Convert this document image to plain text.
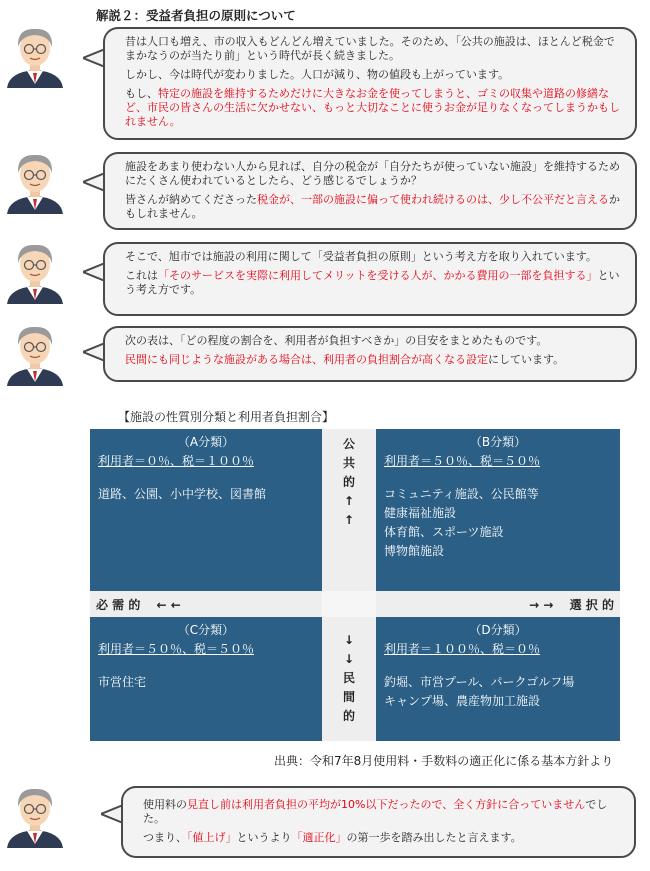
解説２：受益者負担の原則について

昔は人口も増え、市の収入もどんどん増えていました。そのため、「公共の施設は、ほとんど税金でまかなうのが当たり前」という時代が長く続きました。

しかし、今は時代が変わりました。人口が減り、物の値段も上がっています。

もし、特定の施設を維持するためだけに大きなお金を使ってしまうと、ゴミの収集や道路の修繕など、市民の皆さんの生活に欠かせない、もっと大切なことに使うお金が足りなくなってしまうかもしれません。

施設をあまり使わない人から見れば、自分の税金が「自分たちが使っていない施設」を維持するためにたくさん使われているとしたら、どう感じるでしょうか？

皆さんが納めてくださった税金が、一部の施設に偏って使われ続けるのは、少し不公平だと言えるかもしれません。

そこで、旭市では施設の利用に関して「受益者負担の原則」という考え方を取り入れています。

これは「そのサービスを実際に利用してメリットを受ける人が、かかる費用の一部を負担する」という考え方です。

次の表は、「どの程度の割合を、利用者が負担すべきか」の目安をまとめたものです。

民間にも同じような施設がある場合は、利用者の負担割合が高くなる設定にしています。

【施設の性質別分類と利用者負担割合】
（A分類）
利用者＝０％、税＝１００％
道路、公園、小中学校、図書館
（B分類）
利用者＝５０％、税＝５０％
コミュニティ施設、公民館等
健康福祉施設
体育館、スポーツ施設
博物館施設
（C分類）
利用者＝５０％、税＝５０％
市営住宅
（D分類）
利用者＝１００％、税＝０％
釣堀、市営プール、パークゴルフ場
キャンプ場、農産物加工施設
公
共
的
↑
↑
↓
↓
民
間
的
必 需 的 　← ←	→ →　 選 択 的
出典：令和7年8月使用料・手数料の適正化に係る基本方針より

使用料の見直し前は利用者負担の平均が10%以下だったので、全く方針に合っていませんでした。

つまり、「値上げ」というより「適正化」の第一歩を踏み出したと言えます。
